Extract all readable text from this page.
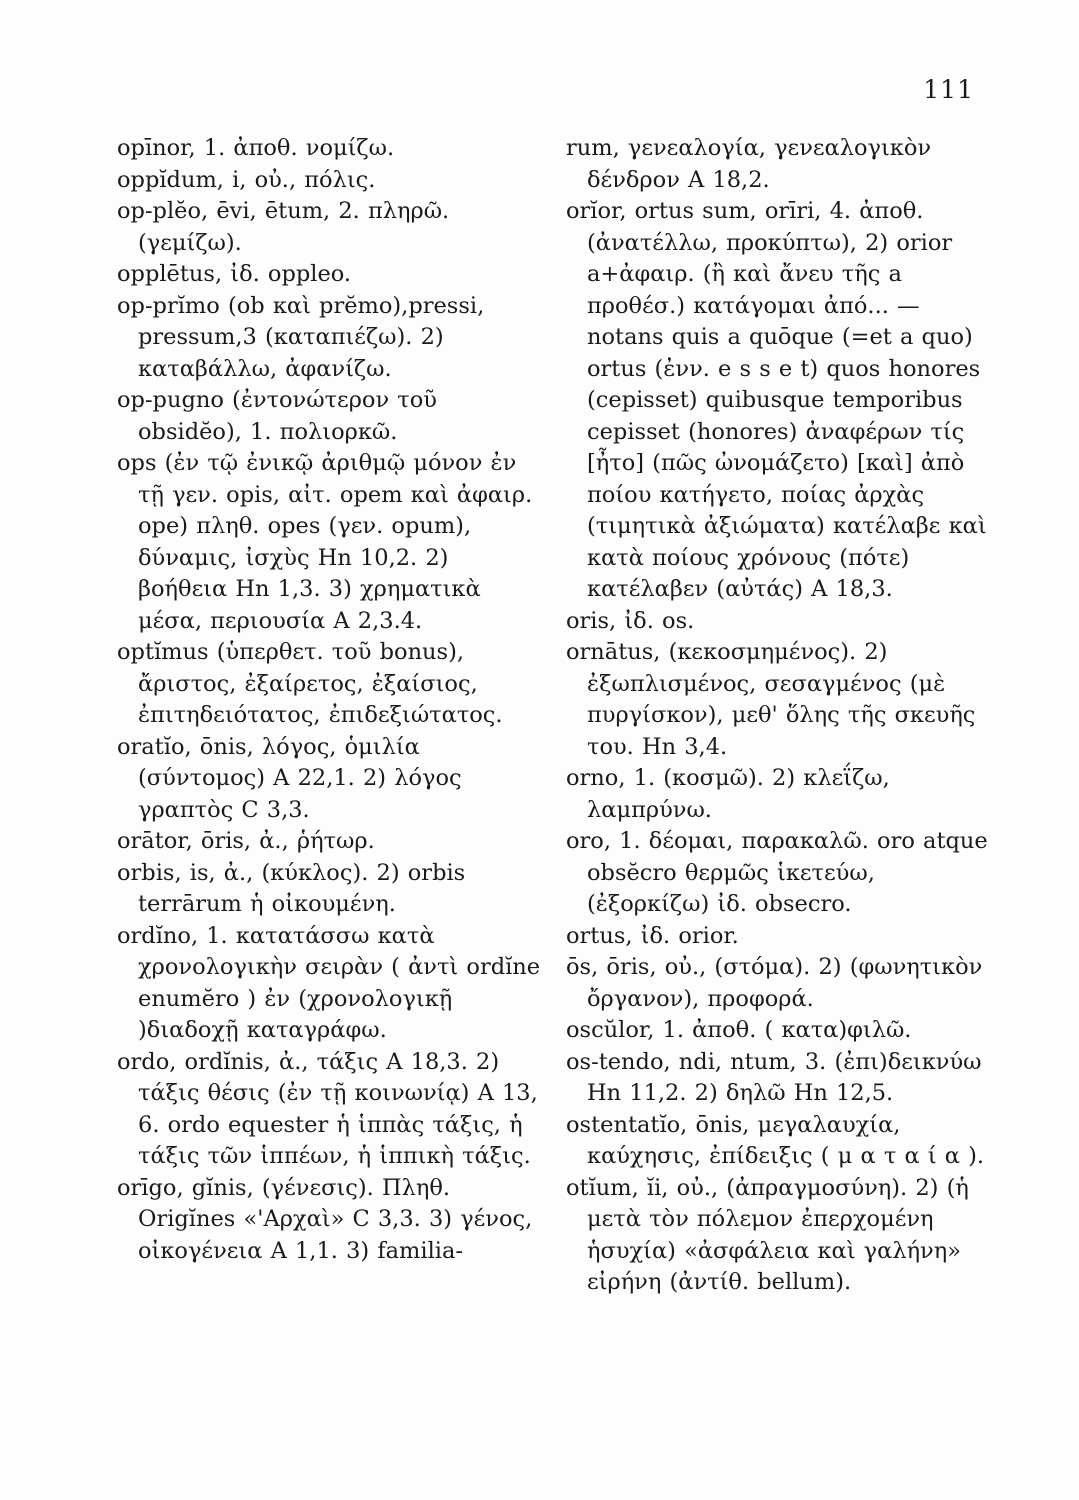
111

opīnor, 1. ἀποθ. νομίζω.

oppĭdum, i, οὐ., πόλις.

op-plĕo, ēvi, ētum, 2. πληρῶ. (γεμίζω).

opplētus, ἰδ. oppleo.

op-prĭmo (ob καὶ prĕmo),pressi, pressum,3 (καταπιέζω). 2) καταβάλλω, ἀφανίζω.

op-pugno (ἐντονώτερον τοῦ obsidĕo), 1. πολιορκῶ.

ops (ἐν τῷ ἐνικῷ ἀριθμῷ μόνον ἐν τῇ γεν. opis, αἰτ. opem καὶ ἀφαιρ. ope) πληθ. opes (γεν. opum), δύναμις, ἰσχὺς Hn 10,2. 2) βοήθεια Hn 1,3. 3) χρηματικὰ μέσα, περιουσία A 2,3.4.

optĭmus (ὑπερθετ. τοῦ bonus), ἄριστος, ἐξαίρετος, ἐξαίσιος, ἐπιτηδειότατος, ἐπιδεξιώτατος.

oratĭo, ōnis, λόγος, ὁμιλία (σύντομος) A 22,1. 2) λόγος γραπτὸς C 3,3.

orātor, ōris, ἀ., ῥήτωρ.

orbis, is, ἀ., (κύκλος). 2) orbis terrārum ἡ οἰκουμένη.

ordĭno, 1. κατατάσσω κατὰ χρονολογικὴν σειρὰν ( ἀντὶ ordĭne enumĕro ) ἐν (χρονολογικῇ )διαδοχῇ καταγράφω.

ordo, ordĭnis, ἀ., τάξις A 18,3. 2) τάξις θέσις (ἐν τῇ κοινωνίᾳ) A 13, 6. ordo equester ἡ ἱππὰς τάξις, ἡ τάξις τῶν ἱππέων, ἡ ἱππικὴ τάξις.

orīgo, gĭnis, (γένεσις). Πληθ. Origĭnes «'Αρχαὶ» C 3,3. 3) γένος, οἰκογένεια A 1,1. 3) familia-

rum, γενεαλογία, γενεαλογικὸν δένδρον A 18,2.

orĭor, ortus sum, orīri, 4. ἀποθ. (ἀνατέλλω, προκύπτω), 2) orior a+ἀφαιρ. (ἢ καὶ ἄνευ τῆς a προθέσ.) κατάγομαι ἀπό... — notans quis a quōque (=et a quo) ortus (ἐνν. e s s e t) quos honores (cepisset) quibusque temporibus cepisset (honores) ἀναφέρων τίς [ἦτο] (πῶς ὠνομάζετο) [καὶ] ἀπὸ ποίου κατήγετο, ποίας ἀρχὰς (τιμητικὰ ἀξιώματα) κατέλαβε καὶ κατὰ ποίους χρόνους (πότε) κατέλαβεν (αὐτάς) A 18,3.

oris, ἰδ. os.

ornātus, (κεκοσμημένος). 2) ἐξωπλισμένος, σεσαγμένος (μὲ πυργίσκον), μεθ' ὅλης τῆς σκευῆς του. Hn 3,4.

orno, 1. (κοσμῶ). 2) κλεΐζω, λαμπρύνω.

oro, 1. δέομαι, παρακαλῶ. oro atque obsĕcro θερμῶς ἱκετεύω, (ἐξορκίζω) ἰδ. obsecro.

ortus, ἰδ. orior.

ōs, ōris, οὐ., (στόμα). 2) (φωνητικὸν ὄργανον), προφορά.

oscŭlor, 1. ἀποθ. ( κατα)φιλῶ.

os-tendo, ndi, ntum, 3. (ἐπι)δεικνύω Hn 11,2. 2) δηλῶ Hn 12,5.

ostentatĭo, ōnis, μεγαλαυχία, καύχησις, ἐπίδειξις ( μ α τ α ί α ).

otĭum, ĭi, οὐ., (ἀπραγμοσύνη). 2) (ἡ μετὰ τὸν πόλεμον ἐπερχομένη ἡσυχία) «ἀσφάλεια καὶ γαλήνη» εἰρήνη (ἀντίθ. bellum).
